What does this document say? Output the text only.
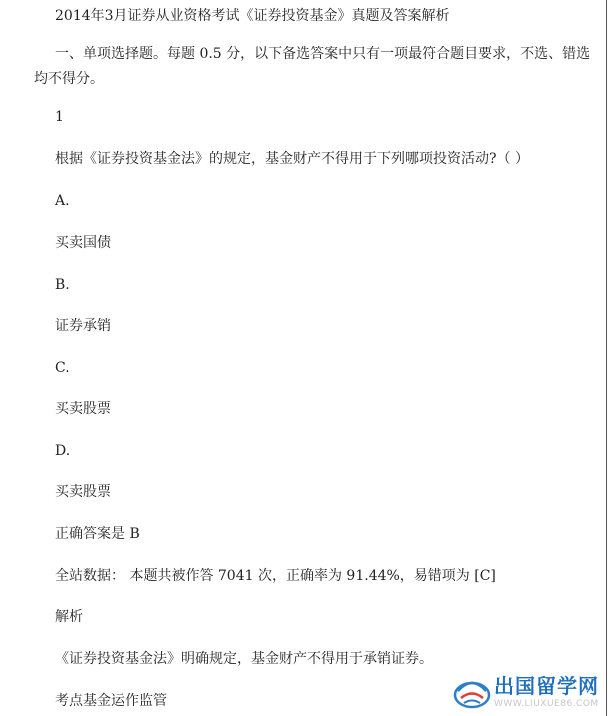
2014年3月证券从业资格考试《证券投资基金》真题及答案解析
一、单项选择题。每题 0.5 分，以下备选答案中只有一项最符合题目要求，不选、错选
均不得分。
1
根据《证券投资基金法》的规定，基金财产不得用于下列哪项投资活动?（ ）
A.
买卖国债
B.
证券承销
C.
买卖股票
D.
买卖股票
正确答案是 B
全站数据： 本题共被作答 7041 次，正确率为 91.44%，易错项为 [C]
解析
《证券投资基金法》明确规定，基金财产不得用于承销证券。
考点基金运作监管
出国留学网
WWW.LIUXUE86.COM
